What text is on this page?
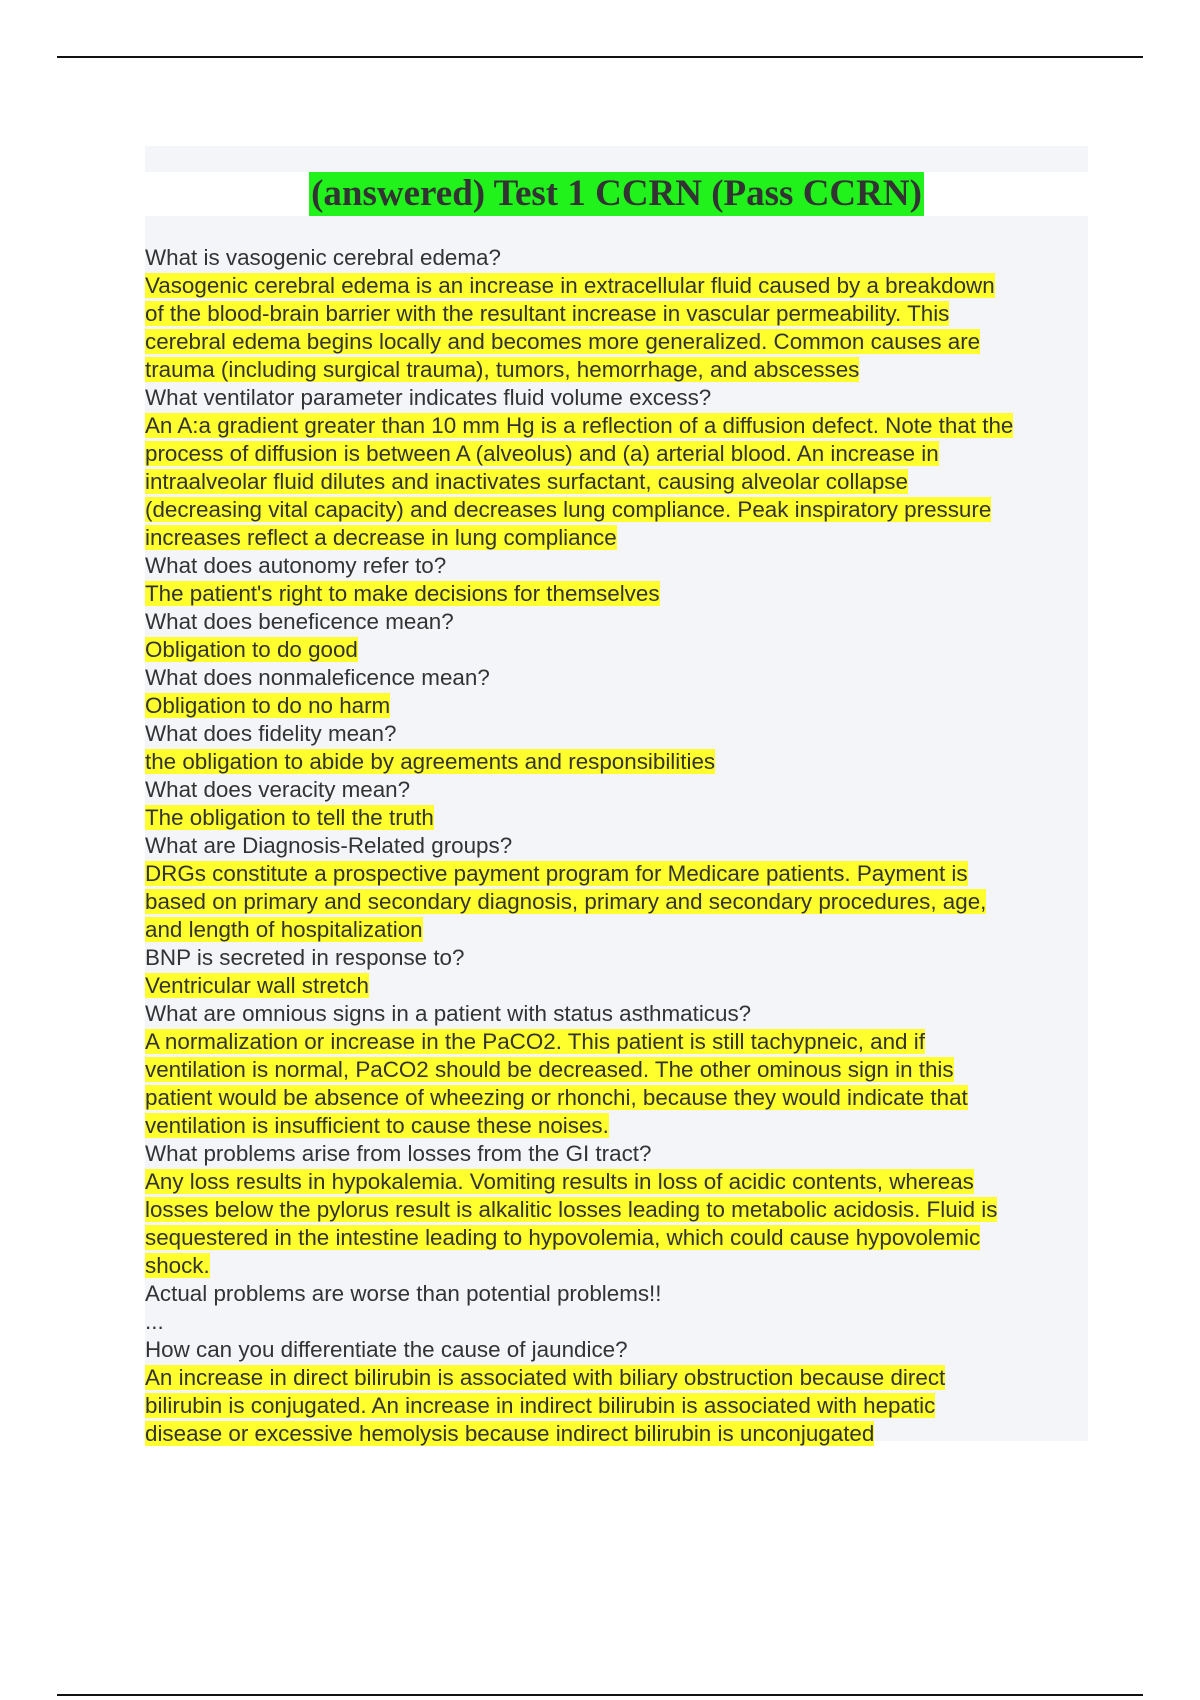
(answered) Test 1 CCRN (Pass CCRN)
What is vasogenic cerebral edema?
Vasogenic cerebral edema is an increase in extracellular fluid caused by a breakdown
of the blood-brain barrier with the resultant increase in vascular permeability. This
cerebral edema begins locally and becomes more generalized. Common causes are
trauma (including surgical trauma), tumors, hemorrhage, and abscesses
What ventilator parameter indicates fluid volume excess?
An A:a gradient greater than 10 mm Hg is a reflection of a diffusion defect. Note that the
process of diffusion is between A (alveolus) and (a) arterial blood. An increase in
intraalveolar fluid dilutes and inactivates surfactant, causing alveolar collapse
(decreasing vital capacity) and decreases lung compliance. Peak inspiratory pressure
increases reflect a decrease in lung compliance
What does autonomy refer to?
The patient's right to make decisions for themselves
What does beneficence mean?
Obligation to do good
What does nonmaleficence mean?
Obligation to do no harm
What does fidelity mean?
the obligation to abide by agreements and responsibilities
What does veracity mean?
The obligation to tell the truth
What are Diagnosis-Related groups?
DRGs constitute a prospective payment program for Medicare patients. Payment is
based on primary and secondary diagnosis, primary and secondary procedures, age,
and length of hospitalization
BNP is secreted in response to?
Ventricular wall stretch
What are omnious signs in a patient with status asthmaticus?
A normalization or increase in the PaCO2. This patient is still tachypneic, and if
ventilation is normal, PaCO2 should be decreased. The other ominous sign in this
patient would be absence of wheezing or rhonchi, because they would indicate that
ventilation is insufficient to cause these noises.
What problems arise from losses from the GI tract?
Any loss results in hypokalemia. Vomiting results in loss of acidic contents, whereas
losses below the pylorus result is alkalitic losses leading to metabolic acidosis. Fluid is
sequestered in the intestine leading to hypovolemia, which could cause hypovolemic
shock.
Actual problems are worse than potential problems!!
...
How can you differentiate the cause of jaundice?
An increase in direct bilirubin is associated with biliary obstruction because direct
bilirubin is conjugated. An increase in indirect bilirubin is associated with hepatic
disease or excessive hemolysis because indirect bilirubin is unconjugated
